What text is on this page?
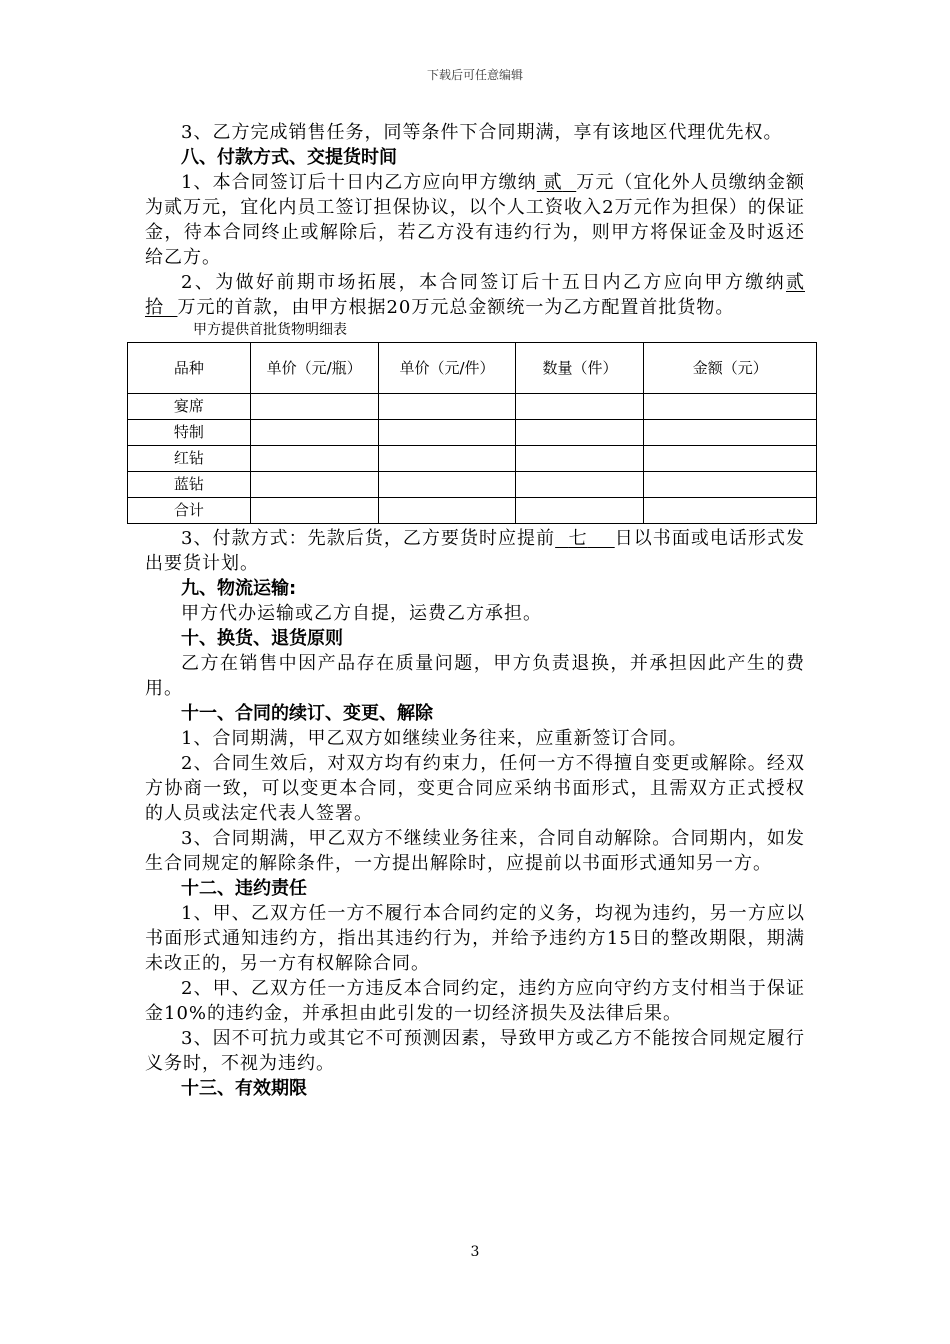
下载后可任意编辑

3、乙方完成销售任务，同等条件下合同期满，享有该地区代理优先权。

八、付款方式、交提货时间

1、本合同签订后十日内乙方应向甲方缴纳 贰 万元（宜化外人员缴纳金额为贰万元，宜化内员工签订担保协议，以个人工资收入2万元作为担保）的保证金，待本合同终止或解除后，若乙方没有违约行为，则甲方将保证金及时返还给乙方。

2、为做好前期市场拓展，本合同签订后十五日内乙方应向甲方缴纳贰拾 万元的首款，由甲方根据20万元总金额统一为乙方配置首批货物。

甲方提供首批货物明细表

品种	单价（元/瓶）	单价（元/件）	数量（件）	金额（元）
宴席				
特制				
红钻				
蓝钻				
合计				

3、付款方式：先款后货，乙方要货时应提前 七 日以书面或电话形式发出要货计划。

九、物流运输:

甲方代办运输或乙方自提，运费乙方承担。

十、换货、退货原则

乙方在销售中因产品存在质量问题，甲方负责退换，并承担因此产生的费用。

十一、合同的续订、变更、解除

1、合同期满，甲乙双方如继续业务往来，应重新签订合同。

2、合同生效后，对双方均有约束力，任何一方不得擅自变更或解除。经双方协商一致，可以变更本合同，变更合同应采纳书面形式，且需双方正式授权的人员或法定代表人签署。

3、合同期满，甲乙双方不继续业务往来，合同自动解除。合同期内，如发生合同规定的解除条件，一方提出解除时，应提前以书面形式通知另一方。

十二、违约责任

1、甲、乙双方任一方不履行本合同约定的义务，均视为违约，另一方应以书面形式通知违约方，指出其违约行为，并给予违约方15日的整改期限，期满未改正的，另一方有权解除合同。

2、甲、乙双方任一方违反本合同约定，违约方应向守约方支付相当于保证金10%的违约金，并承担由此引发的一切经济损失及法律后果。

3、因不可抗力或其它不可预测因素，导致甲方或乙方不能按合同规定履行义务时，不视为违约。

十三、有效期限

3
